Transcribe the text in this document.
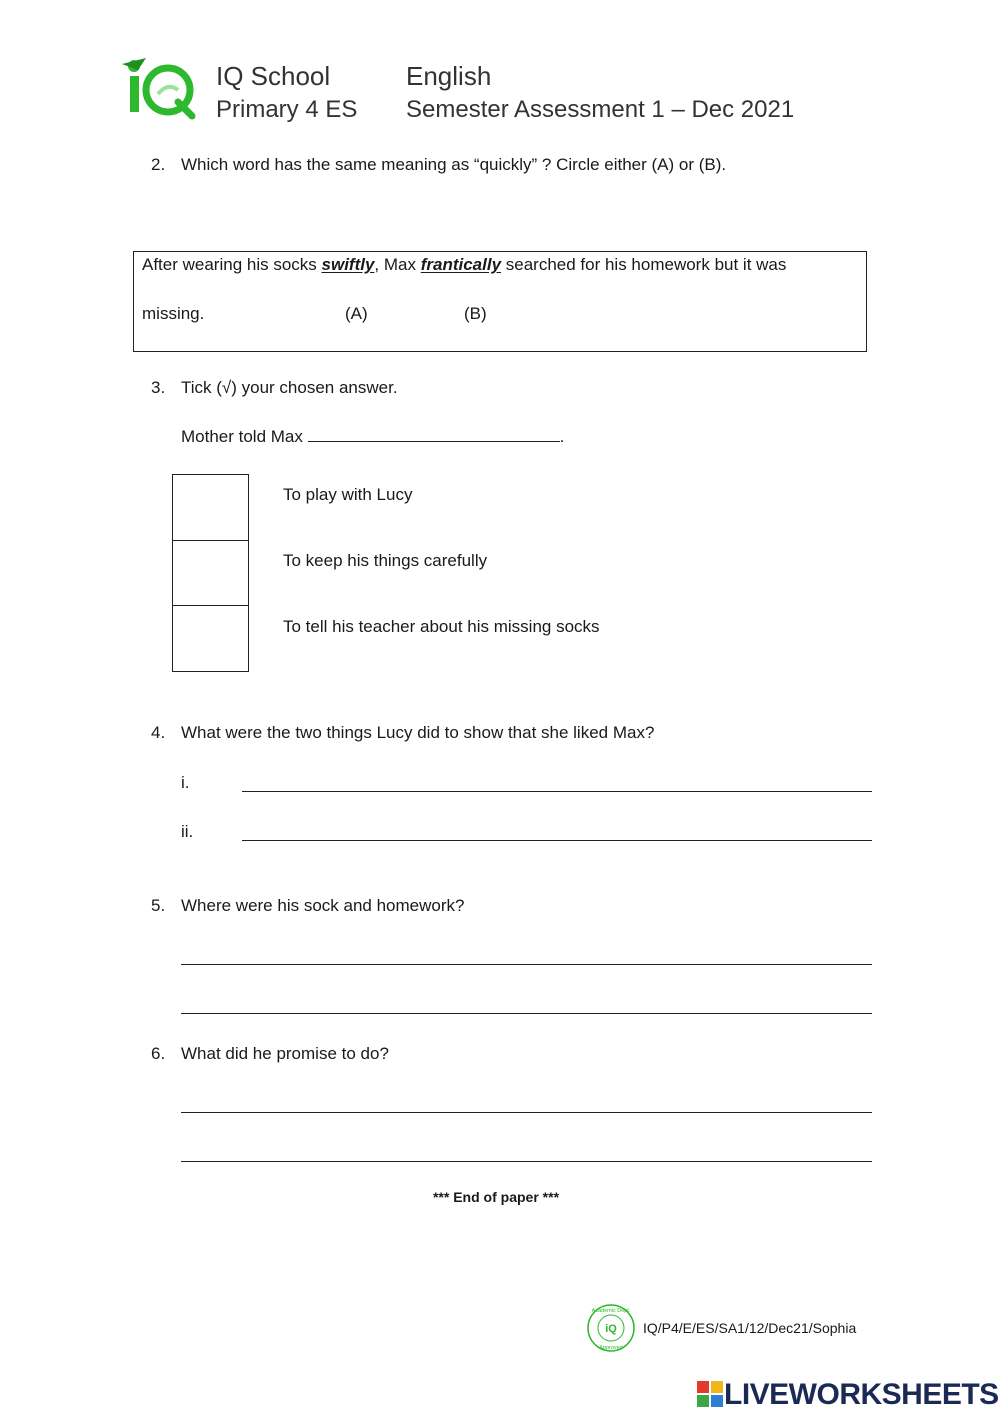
IQ School
Primary 4 ES
English
Semester Assessment 1 – Dec 2021
2. Which word has the same meaning as “quickly” ? Circle either (A) or (B).
After wearing his socks swiftly, Max frantically searched for his homework but it was
missing.	(A)	(B)
3. Tick (√) your chosen answer.
Mother told Max	.
To play with Lucy
To keep his things carefully
To tell his teacher about his missing socks
4. What were the two things Lucy did to show that she liked Max?
i.
ii.
5. Where were his sock and homework?
6. What did he promise to do?
*** End of paper ***
iQ
Academic Dept.
Approved
IQ/P4/E/ES/SA1/12/Dec21/Sophia
LIVEWORKSHEETS
